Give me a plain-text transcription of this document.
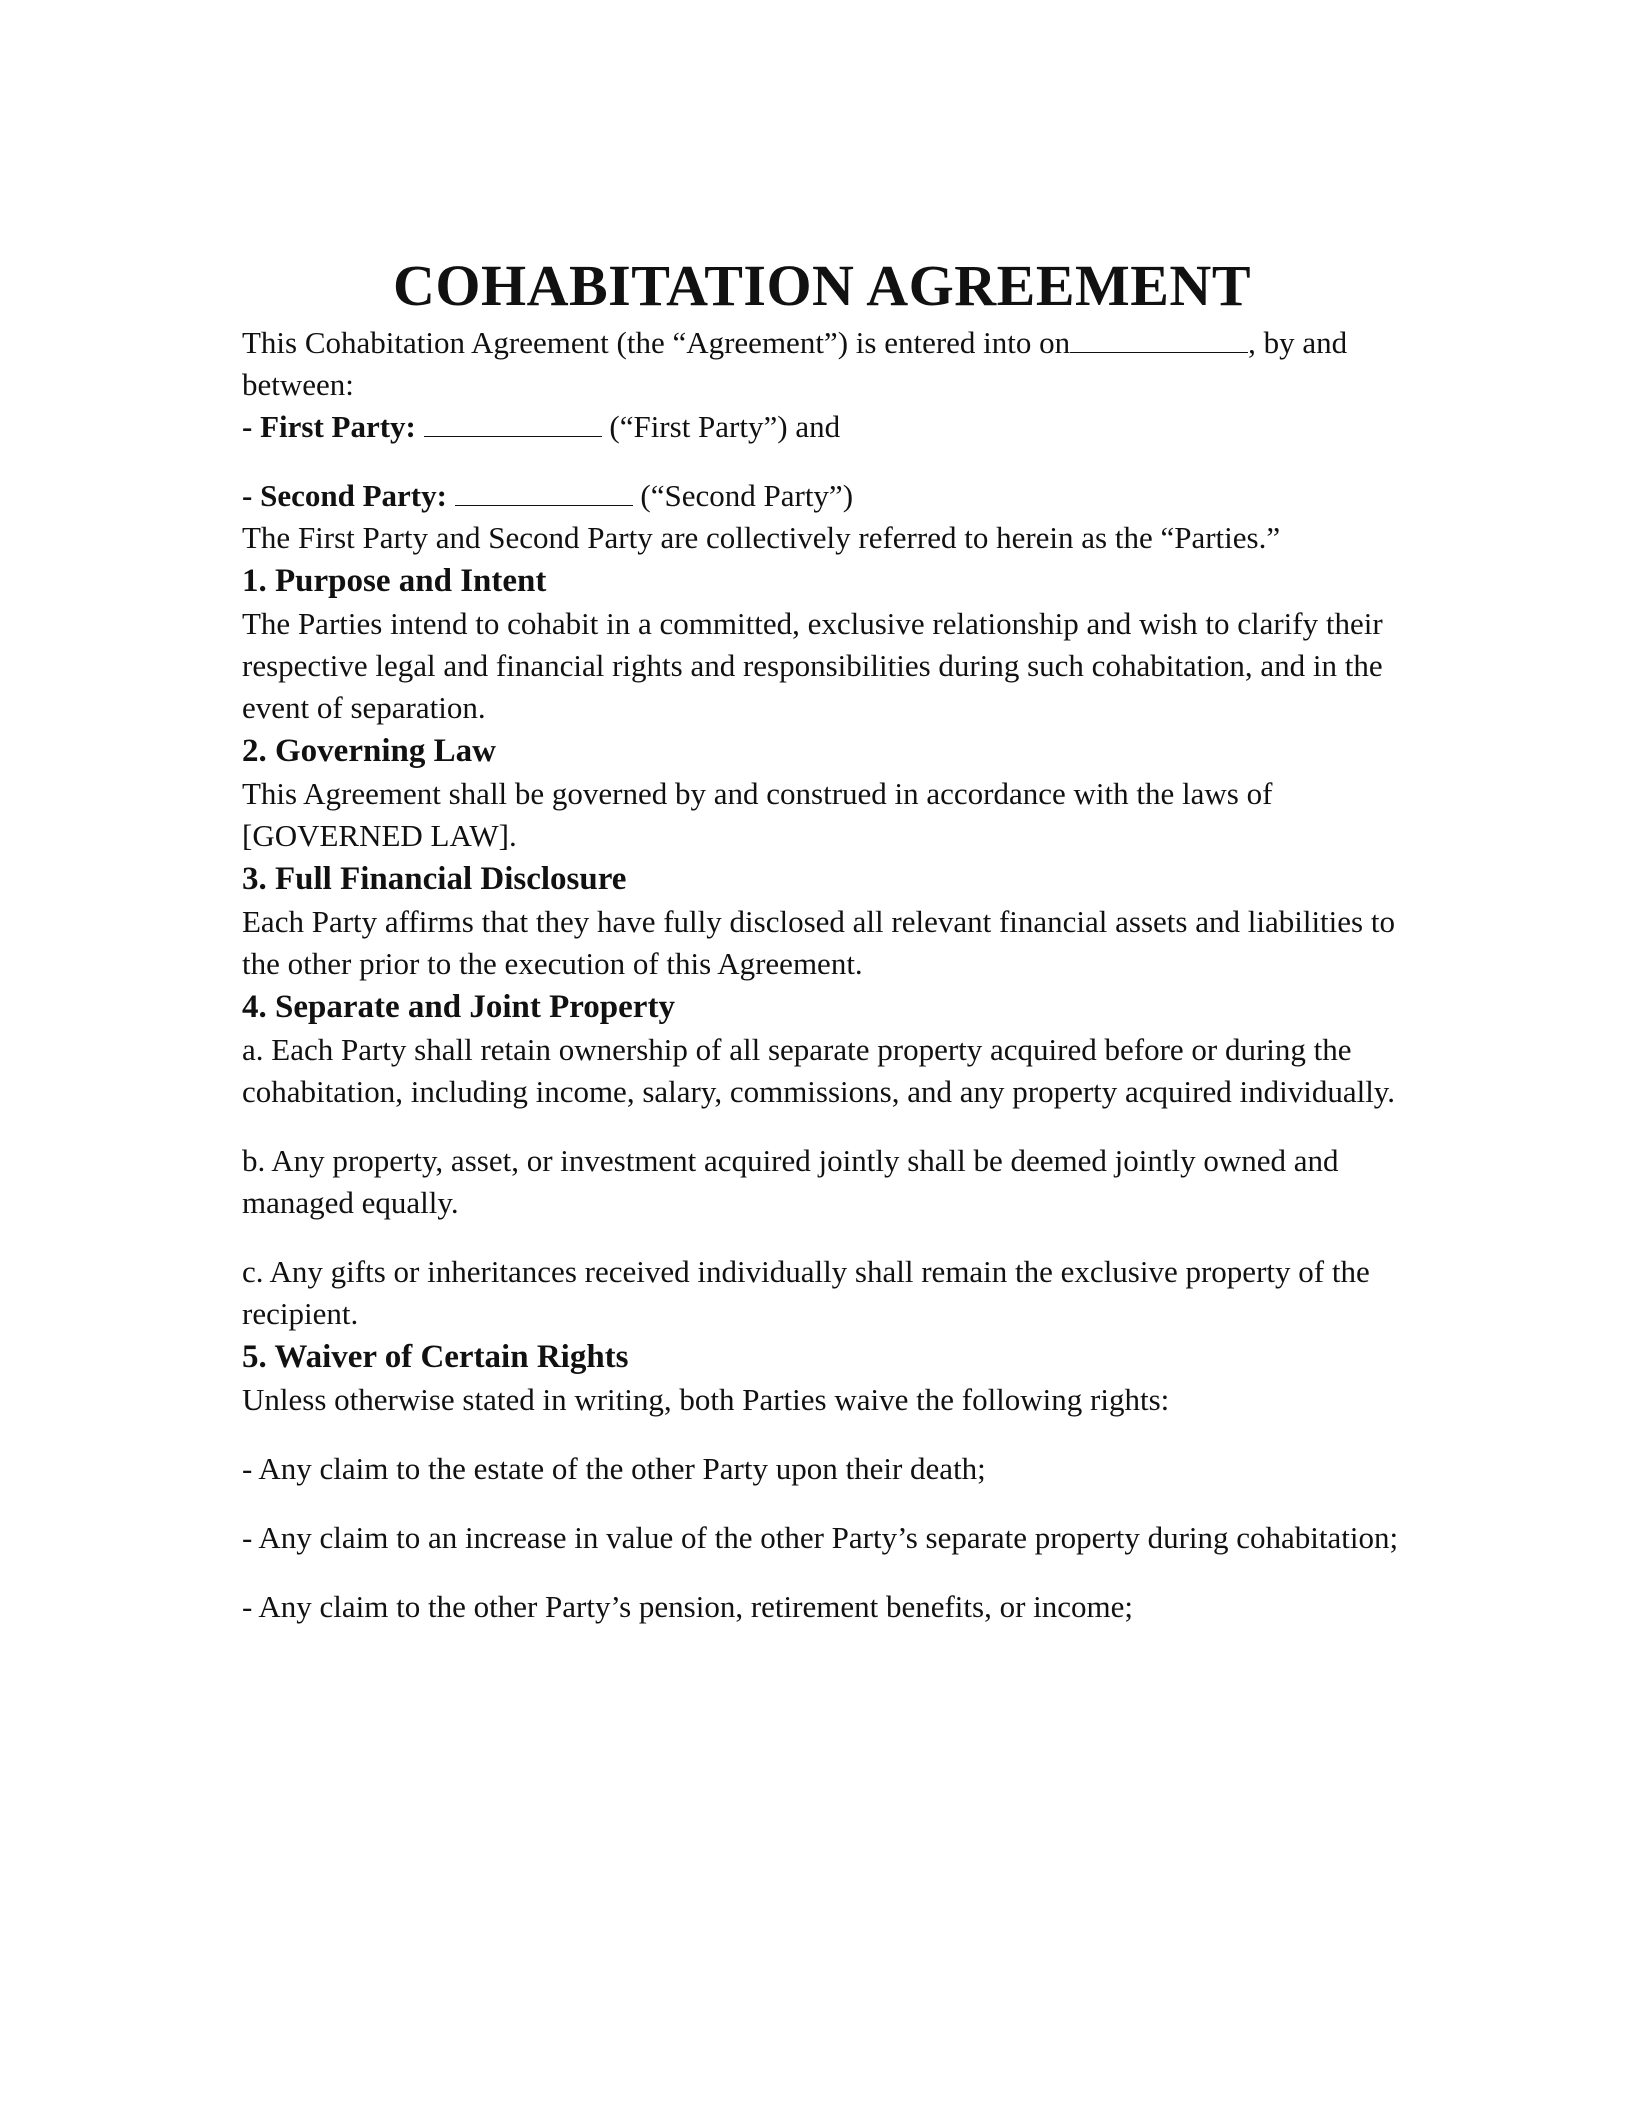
COHABITATION AGREEMENT

This Cohabitation Agreement (the “Agreement”) is entered into on	, by and between:

- First Party:	(“First Party”) and

- Second Party:	(“Second Party”)

The First Party and Second Party are collectively referred to herein as the “Parties.”

1. Purpose and Intent

The Parties intend to cohabit in a committed, exclusive relationship and wish to clarify their respective legal and financial rights and responsibilities during such cohabitation, and in the event of separation.

2. Governing Law

This Agreement shall be governed by and construed in accordance with the laws of [GOVERNED LAW].

3. Full Financial Disclosure

Each Party affirms that they have fully disclosed all relevant financial assets and liabilities to the other prior to the execution of this Agreement.

4. Separate and Joint Property

a. Each Party shall retain ownership of all separate property acquired before or during the cohabitation, including income, salary, commissions, and any property acquired individually.

b. Any property, asset, or investment acquired jointly shall be deemed jointly owned and managed equally.

c. Any gifts or inheritances received individually shall remain the exclusive property of the recipient.

5. Waiver of Certain Rights

Unless otherwise stated in writing, both Parties waive the following rights:

- Any claim to the estate of the other Party upon their death;

- Any claim to an increase in value of the other Party’s separate property during cohabitation;

- Any claim to the other Party’s pension, retirement benefits, or income;
